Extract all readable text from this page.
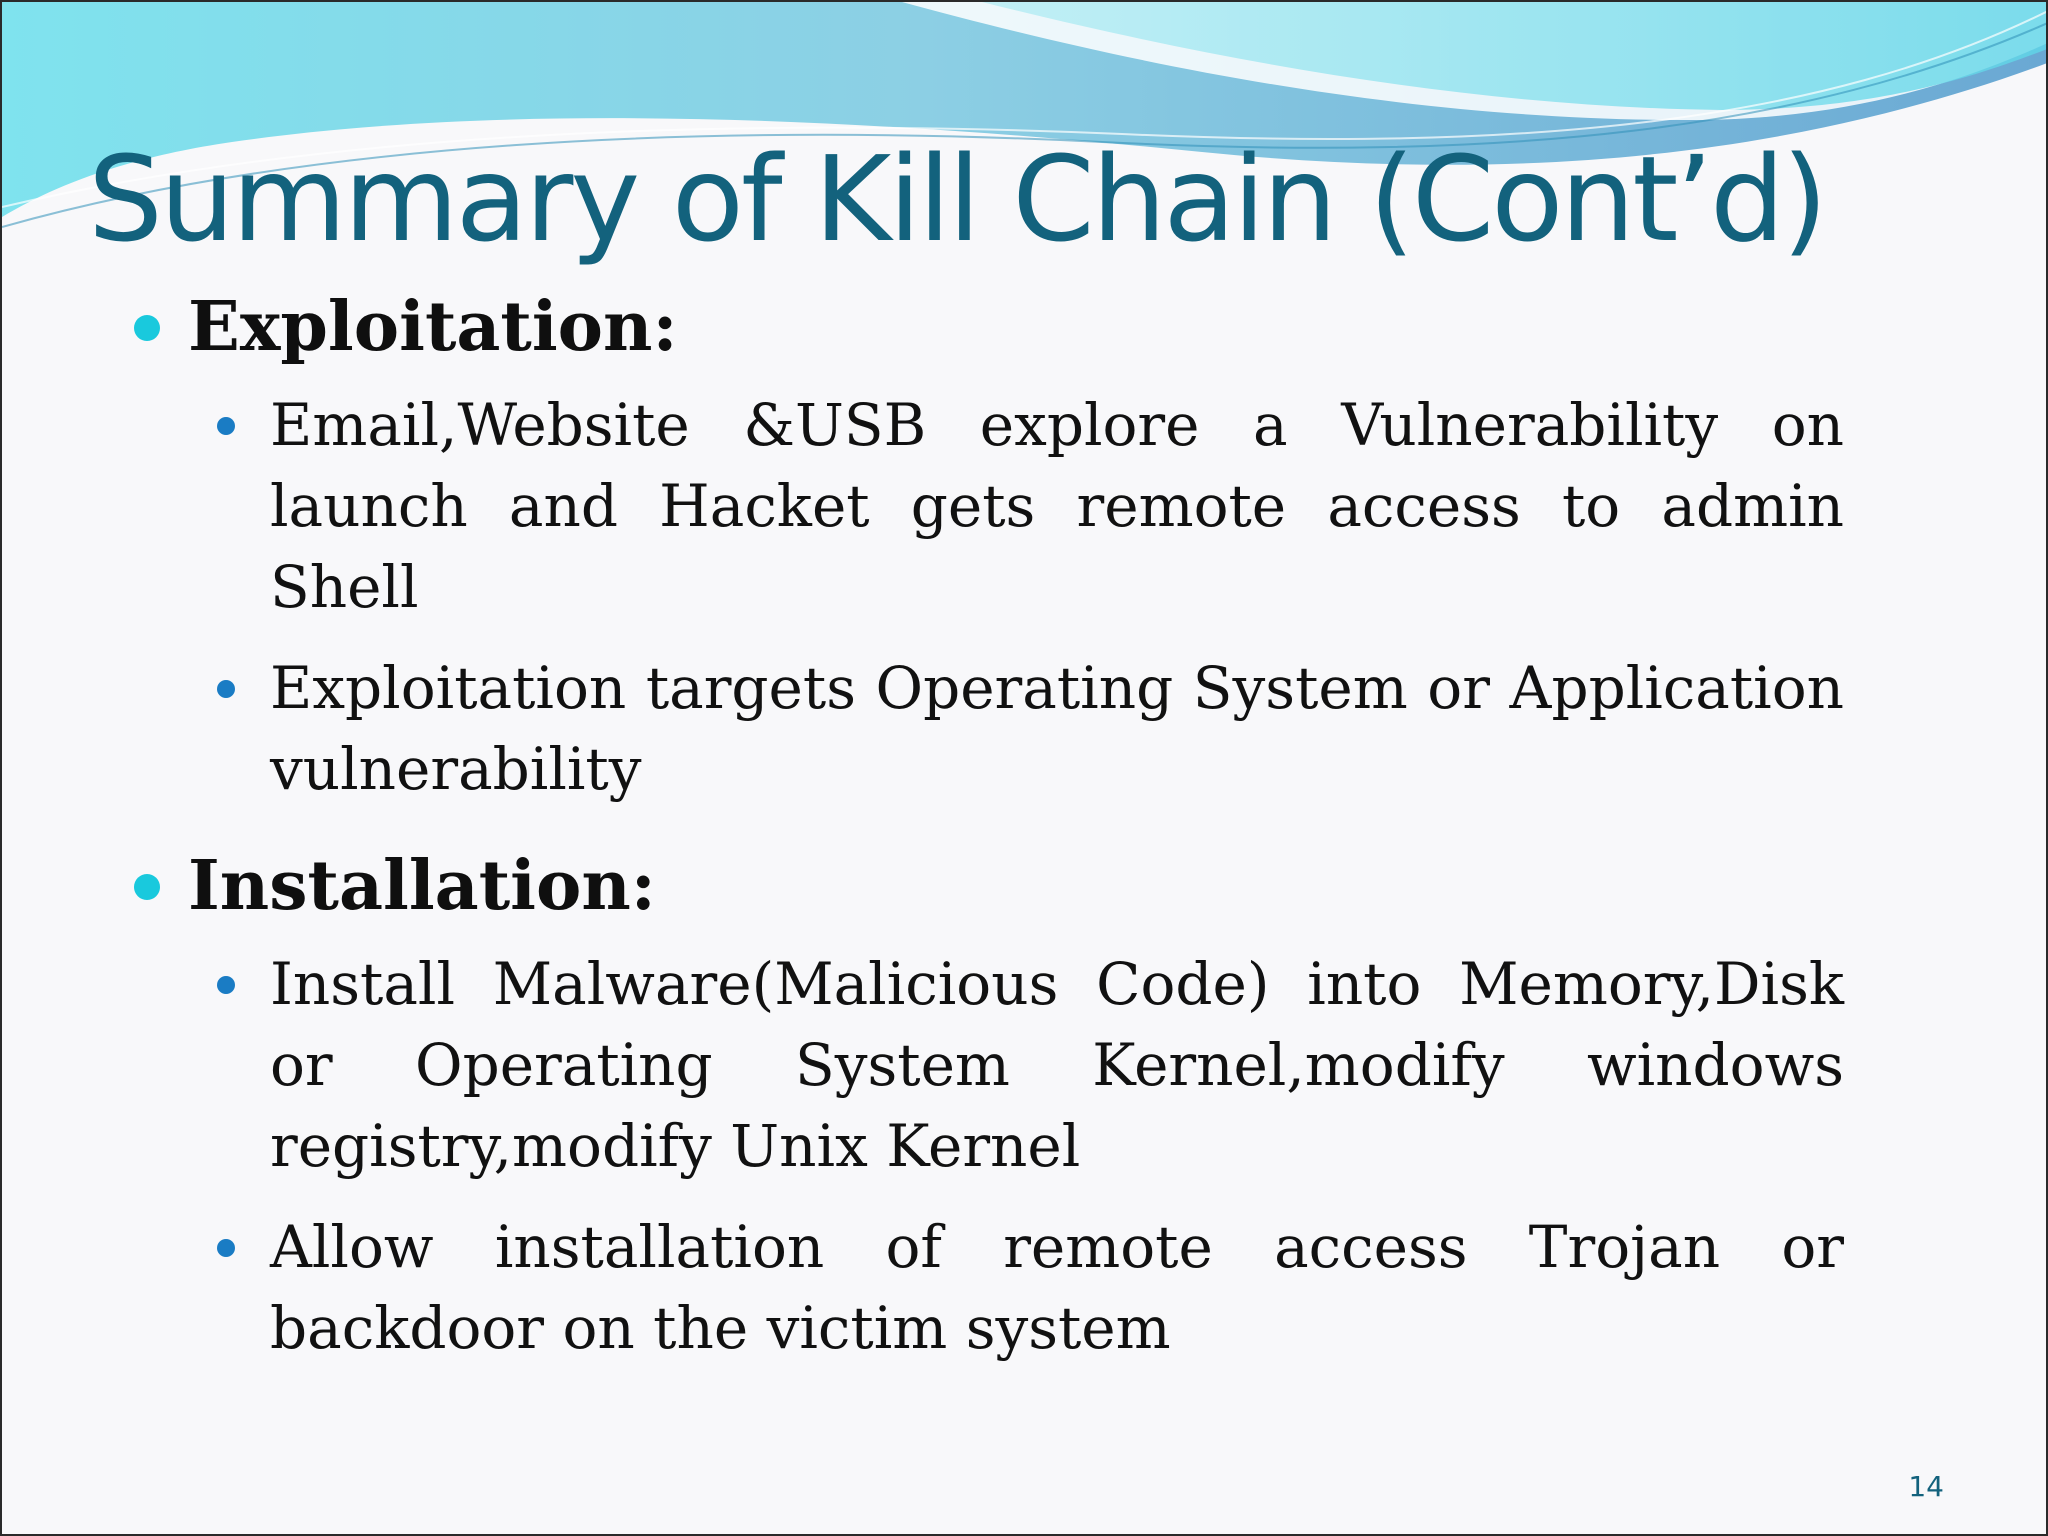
Summary of Kill Chain (Cont’d)

Exploitation:

Email,Website &USB explore a Vulnerability on launch and Hacket gets remote access to admin Shell

Exploitation targets Operating System or Application vulnerability

Installation:

Install Malware(Malicious Code) into Memory,Disk or Operating System Kernel,modify windows registry,modify Unix Kernel

Allow installation of remote access Trojan or backdoor on the victim system

14
